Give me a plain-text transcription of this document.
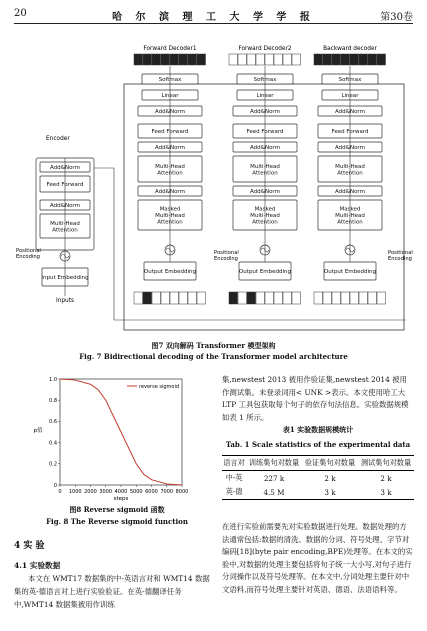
20	哈 尔 滨 理 工 大 学 学 报	第30卷
Forward Decoder1
Softmax
Linear
Add&Norm
Feed Forward
Add&Norm
Multi-Head
Attention
Add&Norm
Masked
Multi-Head
Attention
Output Embedding
Forward Decoder2
Softmax
Linear
Add&Norm
Feed Forward
Add&Norm
Multi-Head
Attention
Add&Norm
Masked
Multi-Head
Attention
Output Embedding
Backward decoder
Softmax
Linear
Add&Norm
Feed Forward
Add&Norm
Multi-Head
Attention
Add&Norm
Masked
Multi-Head
Attention
Output Embedding
Encoder
Add&Norm
Feed Forward
Add&Norm
Multi-Head
Attention
Positional
Encoding
Input Embedding
Inputs
Positional
Encoding
Positional
Encoding
图7 双向解码 Transformer 模型架构
Fig. 7 Bidirectional decoding of the Transformer model architecture
0 1000 2000 3000 4000 5000 6000 7000 8000
0
0.2
0.4
0.6
0.8
1.0
steps
p值
reverse sigmoid
图8 Reverse sigmoid 函数
Fig. 8 The Reverse sigmoid function
集,newstest 2013 被用作验证集,newstest 2014 被用作测试集。未登录词用< UNK >表示。本文使用哈工大 LTP 工具包获取每个句子的依存句法信息。实验数据规模如表 1 所示。
表1 实验数据规模统计
Tab. 1 Scale statistics of the experimental data
语言对	训练集句对数量	验证集句对数量	测试集句对数量
中-英	227 k	2 k	2 k
英-德	4.5 M	3 k	3 k
在进行实验前需要先对实验数据进行处理。数据处理的方法通常包括:数据的清洗、数据的分词、符号处理、字节对编码[18](byte pair encoding,BPE)处理等。在本文的实验中,对数据的处理主要包括将句子统一大小写,对句子进行分词操作以及符号处理等。在本文中,分词处理主要针对中文语料,而符号处理主要针对英语、德语、法语语料等。
4 实 验
4.1 实验数据
本文在 WMT17 数据集的中-英语言对和 WMT14 数据集的英-德语言对上进行实验验证。在英-德翻译任务中,WMT14 数据集被用作训练
